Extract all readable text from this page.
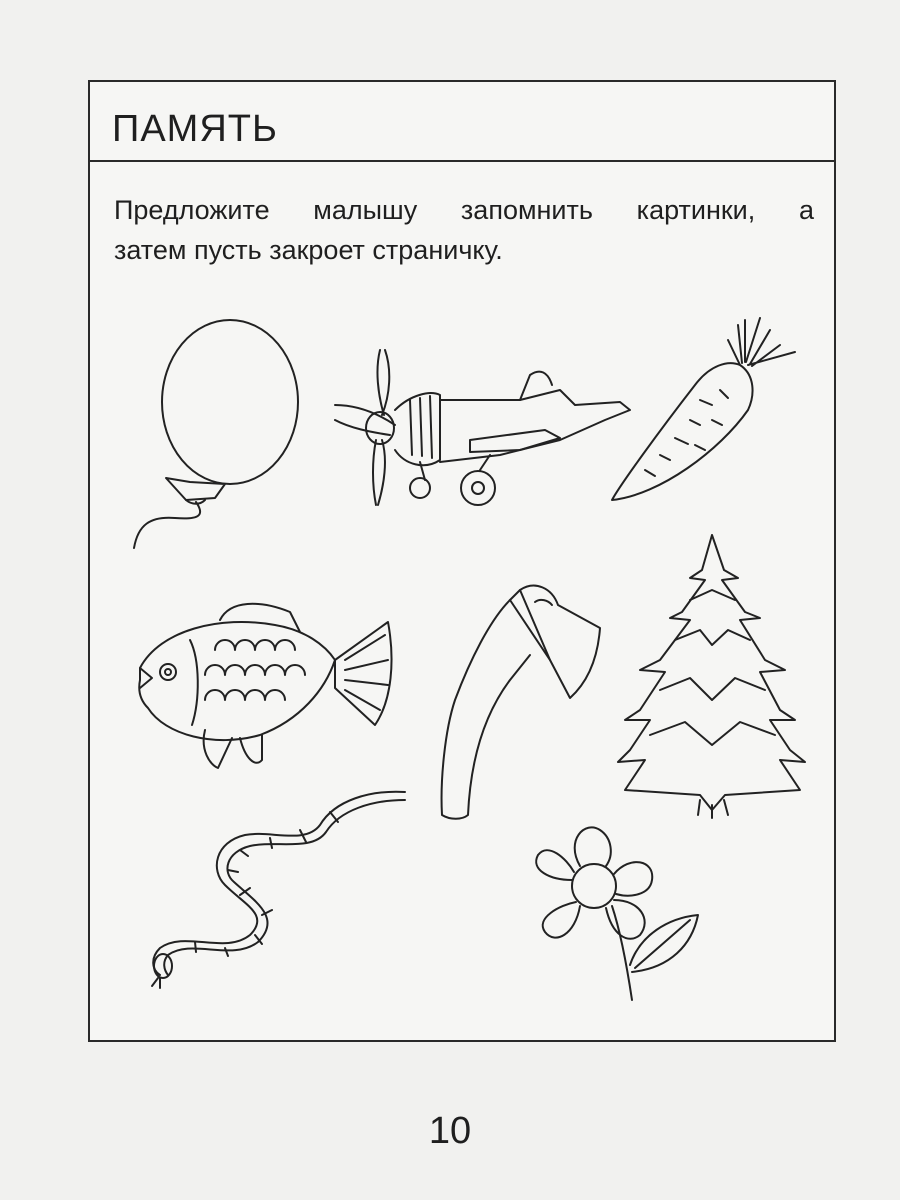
ПАМЯТЬ
Предложите малышу запомнить картинки, а
затем пусть закроет страничку.
10
